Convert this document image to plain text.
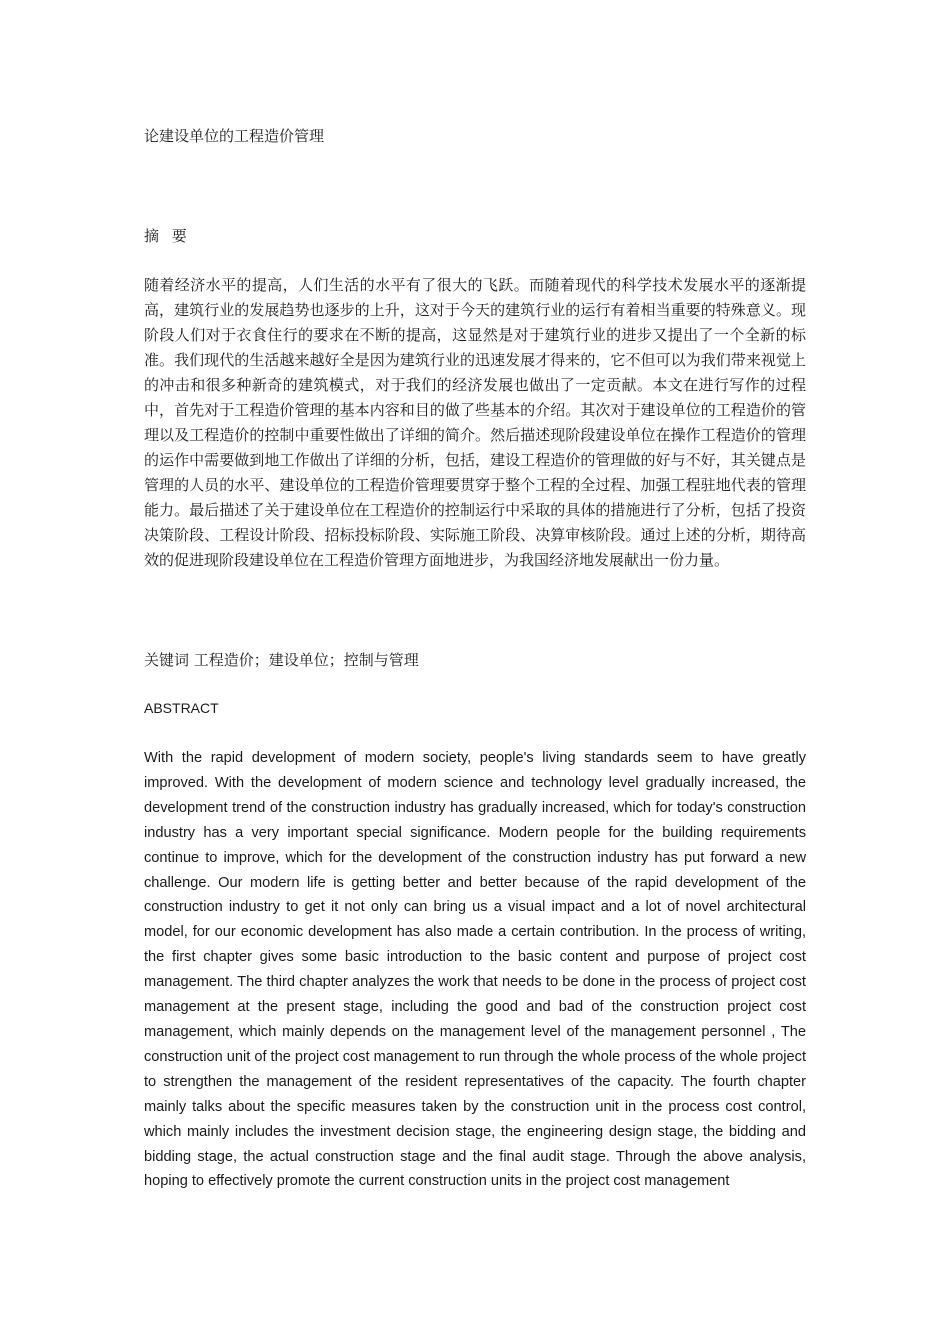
论建设单位的工程造价管理
摘 要

随着经济水平的提高，人们生活的水平有了很大的飞跃。而随着现代的科学技术发展水平的逐渐提高，建筑行业的发展趋势也逐步的上升，这对于今天的建筑行业的运行有着相当重要的特殊意义。现阶段人们对于衣食住行的要求在不断的提高，这显然是对于建筑行业的进步又提出了一个全新的标准。我们现代的生活越来越好全是因为建筑行业的迅速发展才得来的，它不但可以为我们带来视觉上的冲击和很多种新奇的建筑模式，对于我们的经济发展也做出了一定贡献。本文在进行写作的过程中，首先对于工程造价管理的基本内容和目的做了些基本的介绍。其次对于建设单位的工程造价的管理以及工程造价的控制中重要性做出了详细的简介。然后描述现阶段建设单位在操作工程造价的管理的运作中需要做到地工作做出了详细的分析，包括，建设工程造价的管理做的好与不好，其关键点是管理的人员的水平、建设单位的工程造价管理要贯穿于整个工程的全过程、加强工程驻地代表的管理能力。最后描述了关于建设单位在工程造价的控制运行中采取的具体的措施进行了分析，包括了投资决策阶段、工程设计阶段、招标投标阶段、实际施工阶段、决算审核阶段。通过上述的分析，期待高效的促进现阶段建设单位在工程造价管理方面地进步，为我国经济地发展献出一份力量。

关键词 工程造价；建设单位；控制与管理

ABSTRACT

With the rapid development of modern society, people's living standards seem to have greatly improved. With the development of modern science and technology level gradually increased, the development trend of the construction industry has gradually increased, which for today's construction industry has a very important special significance. Modern people for the building requirements continue to improve, which for the development of the construction industry has put forward a new challenge. Our modern life is getting better and better because of the rapid development of the construction industry to get it not only can bring us a visual impact and a lot of novel architectural model, for our economic development has also made a certain contribution. In the process of writing, the first chapter gives some basic introduction to the basic content and purpose of project cost management. The third chapter analyzes the work that needs to be done in the process of project cost management at the present stage, including the good and bad of the construction project cost management, which mainly depends on the management level of the management personnel , The construction unit of the project cost management to run through the whole process of the whole project to strengthen the management of the resident representatives of the capacity. The fourth chapter mainly talks about the specific measures taken by the construction unit in the process cost control, which mainly includes the investment decision stage, the engineering design stage, the bidding and bidding stage, the actual construction stage and the final audit stage. Through the above analysis, hoping to effectively promote the current construction units in the project cost management
